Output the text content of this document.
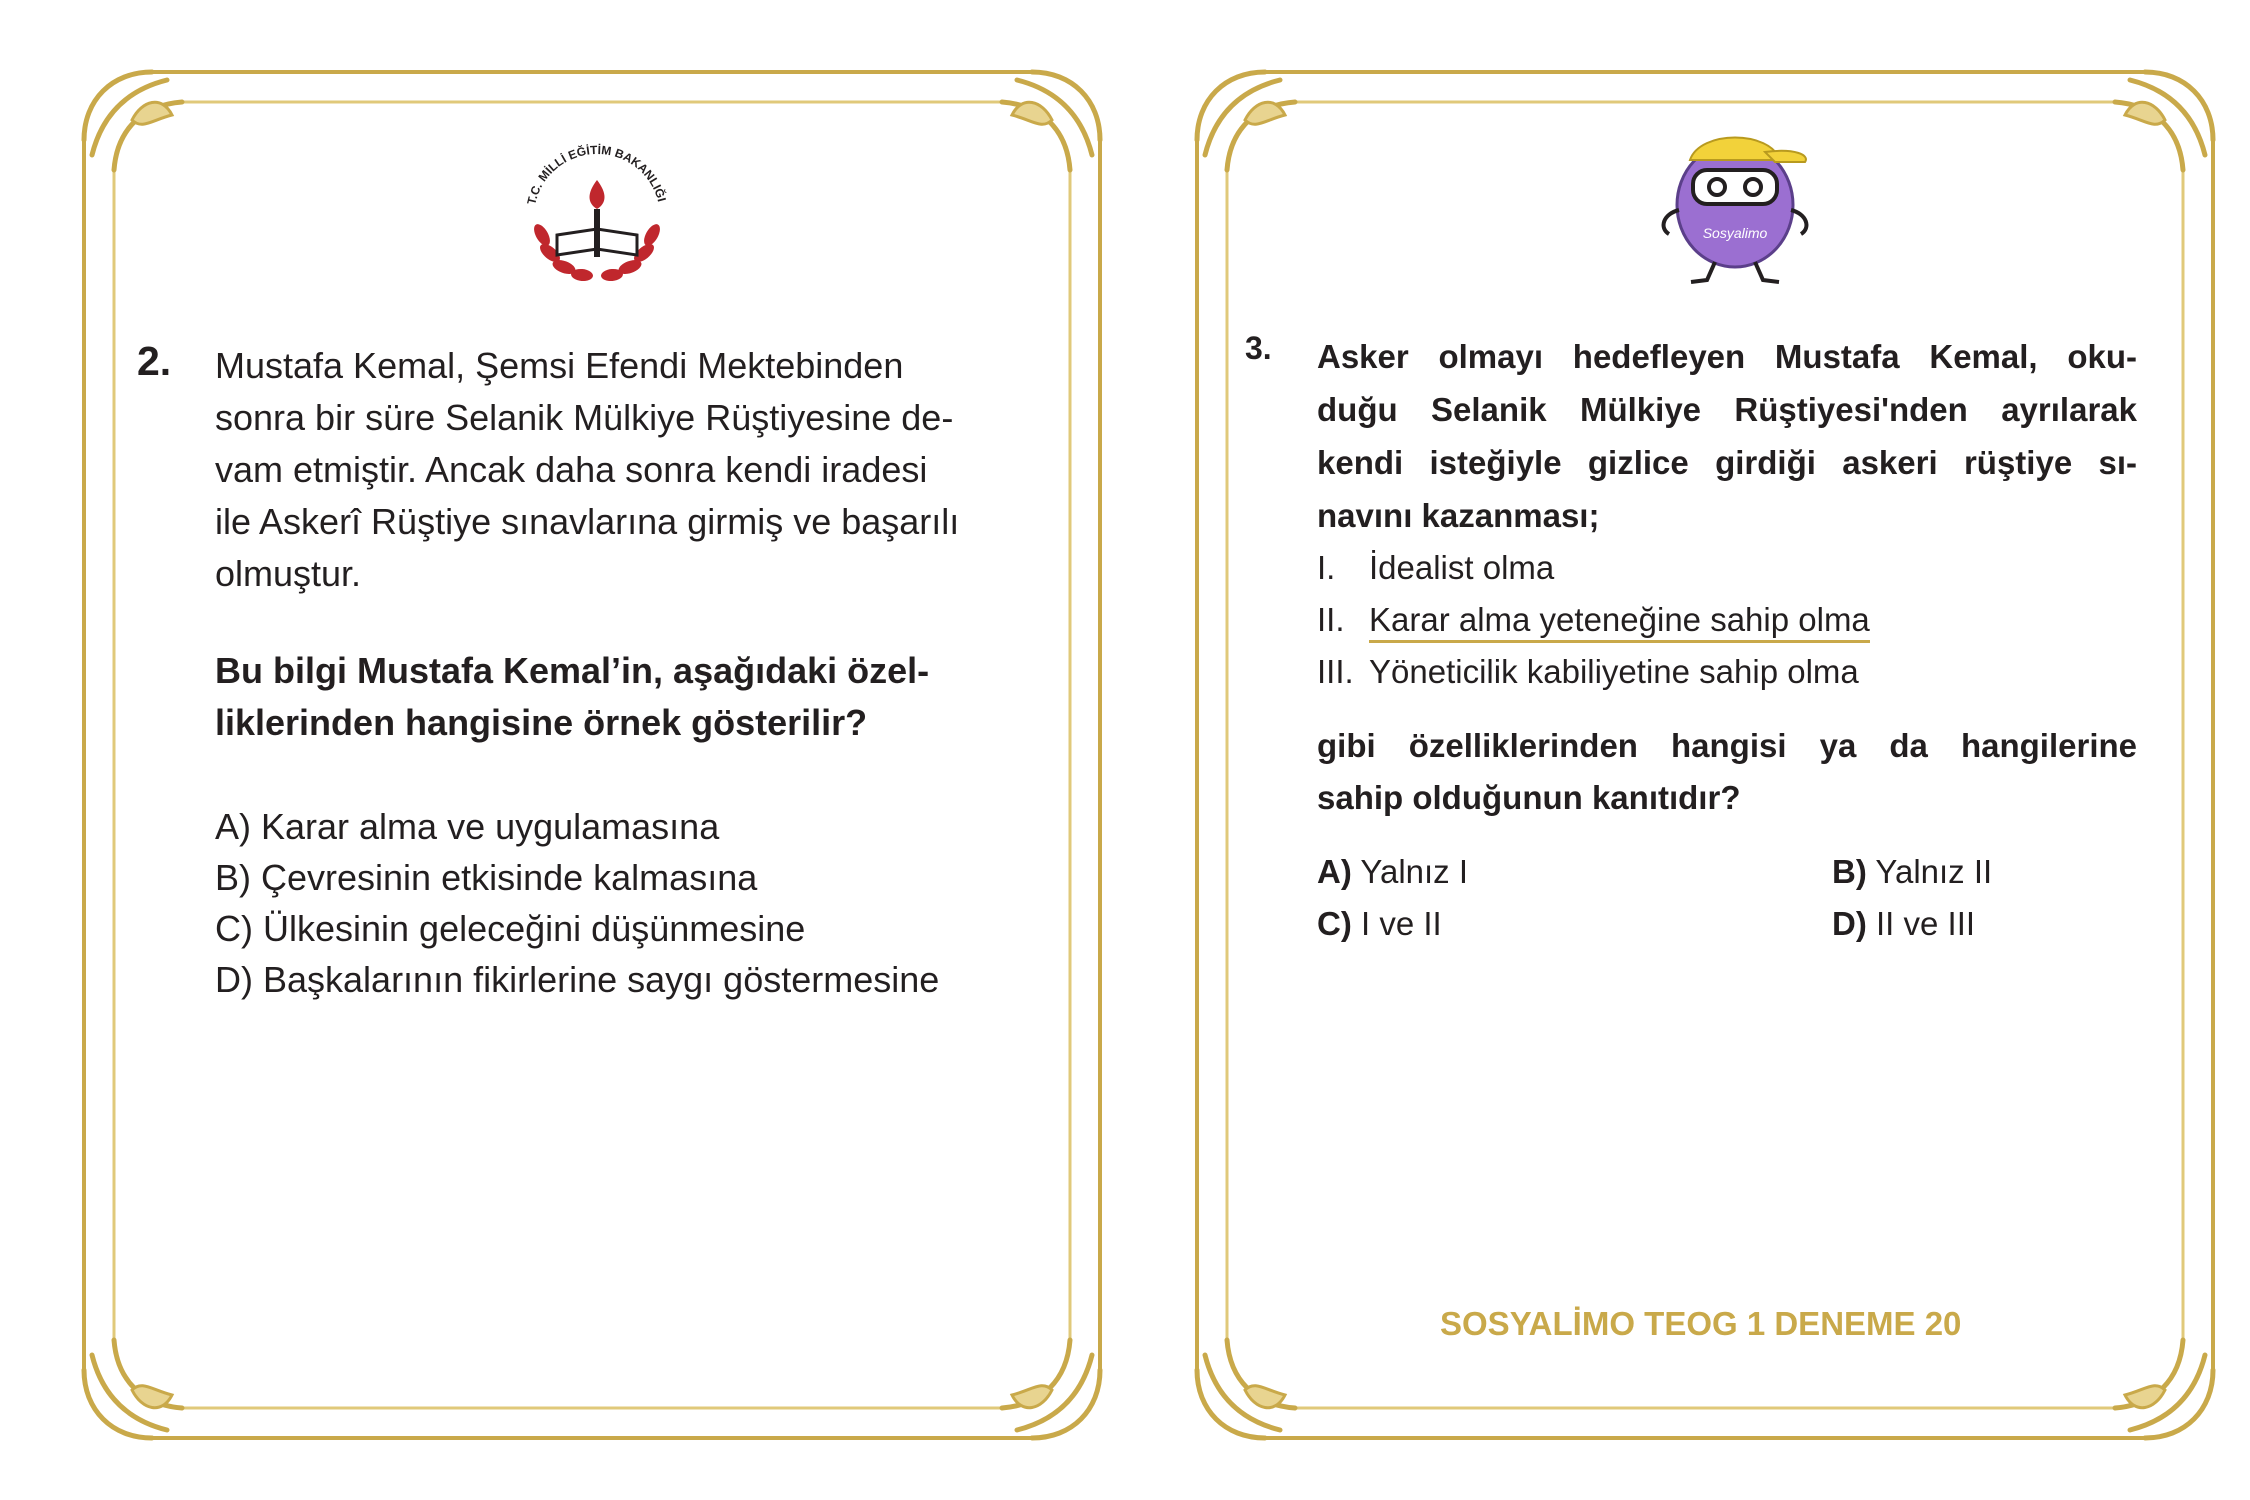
T.C. MİLLİ EĞİTİM BAKANLIĞI
2. Mustafa Kemal, Şemsi Efendi Mektebinden
sonra bir süre Selanik Mülkiye Rüştiyesine de-
vam etmiştir. Ancak daha sonra kendi iradesi
ile Askerî Rüştiye sınavlarına girmiş ve başarılı
olmuştur.
Bu bilgi Mustafa Kemal’in, aşağıdaki özel-
liklerinden hangisine örnek gösterilir?
A) Karar alma ve uygulamasına
B) Çevresinin etkisinde kalmasına
C) Ülkesinin geleceğini düşünmesine
D) Başkalarının fikirlerine saygı göstermesine
Sosyalimo
3. Asker olmayı hedefleyen Mustafa Kemal, oku-
duğu Selanik Mülkiye Rüştiyesi'nden ayrılarak
kendi isteğiyle gizlice girdiği askeri rüştiye sı-
navını kazanması;
I. İdealist olma
II. Karar alma yeteneğine sahip olma
III. Yöneticilik kabiliyetine sahip olma
gibi özelliklerinden hangisi ya da hangilerine
sahip olduğunun kanıtıdır?
A) Yalnız I	B) Yalnız II
C) I ve II	D) II ve III
SOSYALİMO TEOG 1 DENEME 20
